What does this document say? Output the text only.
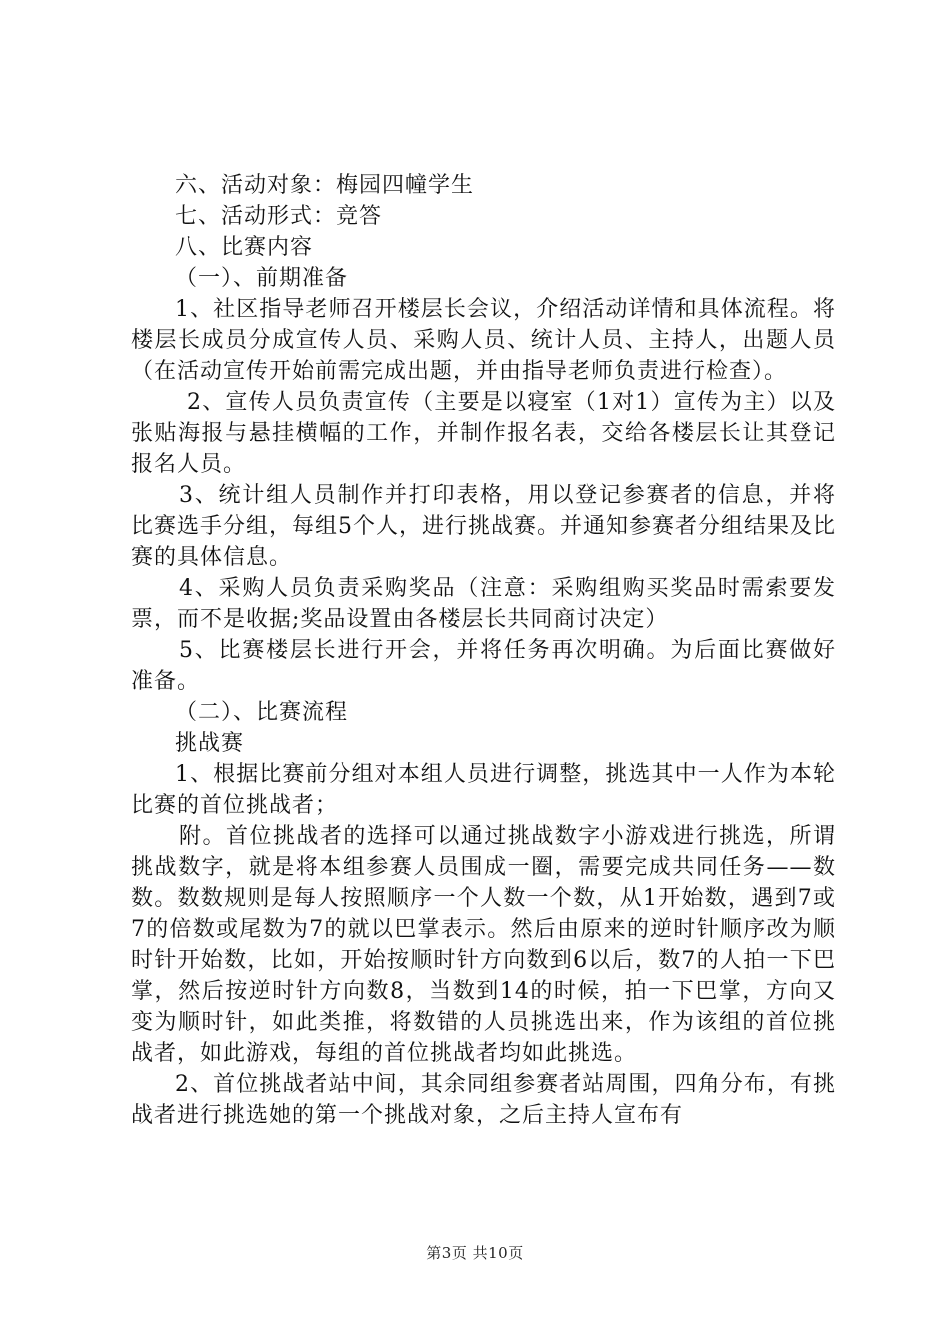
六、活动对象：梅园四幢学生

七、活动形式：竞答

八、比赛内容

（一）、前期准备

1、社区指导老师召开楼层长会议，介绍活动详情和具体流程。将楼层长成员分成宣传人员、采购人员、统计人员、主持人，出题人员（在活动宣传开始前需完成出题，并由指导老师负责进行检查）。

2、宣传人员负责宣传（主要是以寝室（1对1）宣传为主）以及张贴海报与悬挂横幅的工作，并制作报名表，交给各楼层长让其登记报名人员。

3、统计组人员制作并打印表格，用以登记参赛者的信息，并将比赛选手分组，每组5个人，进行挑战赛。并通知参赛者分组结果及比赛的具体信息。

4、采购人员负责采购奖品（注意：采购组购买奖品时需索要发票，而不是收据;奖品设置由各楼层长共同商讨决定）

5、比赛楼层长进行开会，并将任务再次明确。为后面比赛做好准备。

（二）、比赛流程

挑战赛

1、根据比赛前分组对本组人员进行调整，挑选其中一人作为本轮比赛的首位挑战者；

附。首位挑战者的选择可以通过挑战数字小游戏进行挑选，所谓挑战数字，就是将本组参赛人员围成一圈，需要完成共同任务——数数。数数规则是每人按照顺序一个人数一个数，从1开始数，遇到7或7的倍数或尾数为7的就以巴掌表示。然后由原来的逆时针顺序改为顺时针开始数，比如，开始按顺时针方向数到6以后，数7的人拍一下巴掌，然后按逆时针方向数8，当数到14的时候，拍一下巴掌，方向又变为顺时针，如此类推，将数错的人员挑选出来，作为该组的首位挑战者，如此游戏，每组的首位挑战者均如此挑选。

2、首位挑战者站中间，其余同组参赛者站周围，四角分布，有挑战者进行挑选她的第一个挑战对象，之后主持人宣布有

第3页 共10页
